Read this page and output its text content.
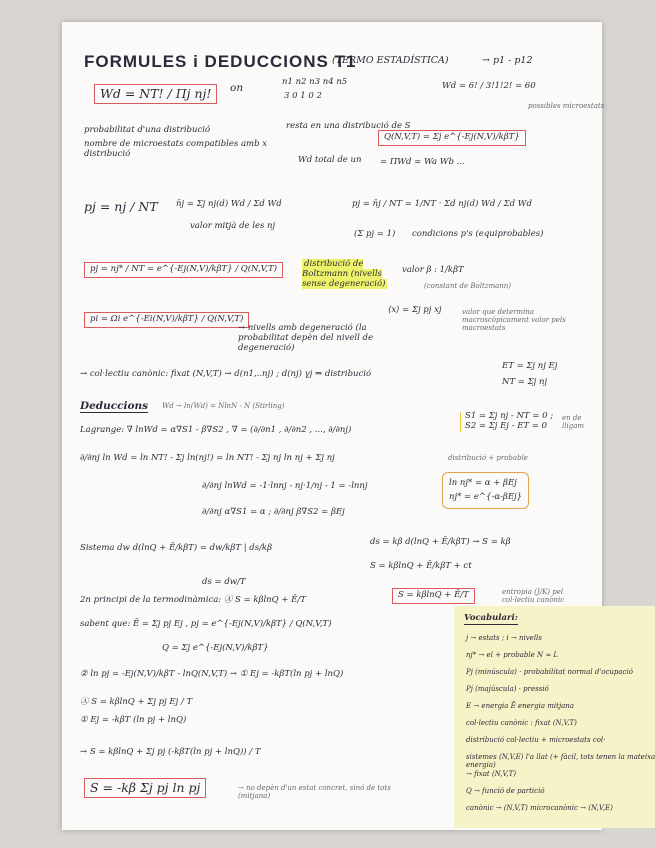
FORMULES i DEDUCCIONS T1
(TERMO ESTADÍSTICA)	→ p1 - p12
Wd = NT! / Πj nj!	on	n1 n2 n3 n4 n5
3 0 1 0 2
Wd = 6! / 3!1!2! = 60
possibles microestats
probabilitat d'una distribució
nombre de microestats compatibles amb x distribució
resta en una distribució de S
Wd total de un
Q(N,V,T) = Σj e^{-Ej(N,V)/kβT}
= ΠWd = Wa Wb ...
pj = nj / NT n̄j = Σj nj(d) Wd / Σd Wd
valor mitjà de les nj
pj = n̄j / NT = 1/NT · Σd nj(d) Wd / Σd Wd
(Σ pj = 1) condicions p's (equiprobables)
pj = nj* / NT = e^{-Ej(N,V)/kβT} / Q(N,V,T)	distribució de Boltzmann (nivells sense degeneració)
valor β : 1/kβT
(constant de Boltzmann)
pi = Ωi e^{-Ei(N,V)/kβT} / Q(N,V,T)
→ nivells amb degeneració (la probabilitat depèn del nivell de degeneració)
⟨x⟩ = Σj pj xj	valor que determina macroscòpicament valor pels macroestats
→ col·lectiu canònic: fixat (N,V,T) → d(n1,..nj) ; d(nj) γj ⇒ distribució
ET = Σj nj Ej
NT = Σj nj
Deduccions Wd → ln(Wd) = NlnN - N (Stirling)
Lagrange: ∇ lnWd = α∇S1 - β∇S2 , ∇ = (∂/∂n1 , ∂/∂n2 , ..., ∂/∂nj)
S1 = Σj nj - NT = 0 ; S2 = Σj Ej - ET = 0
en de lligam
∂/∂nj ln Wd = ln NT! - Σj ln(nj!) = ln NT! - Σj nj ln nj + Σj nj
∂/∂nj lnWd = -1·lnnj - nj·1/nj - 1 = -lnnj
∂/∂nj α∇S1 = α ; ∂/∂nj β∇S2 = βEj
distribució + probable
ln nj* = α + βEj
nj* = e^{-α-βEj}
Sistema dw d(lnQ + Ē/kβT) = dw/kβT | ds/kβ
ds = kβ d(lnQ + Ē/kβT) → S = kβ
S = kβlnQ + Ē/kβT + ct
ds = dw/T
2n principi de la termodinàmica: Ⓐ S = kβlnQ + Ē/T	S = kβlnQ + Ē/T	entropia (J/K) pel col·lectiu canònic
sabent que: Ē = Σj pj Ej , pj = e^{-Ej(N,V)/kβT} / Q(N,V,T)
Q = Σj e^{-Ej(N,V)/kβT}
② ln pj = -Ej(N,V)/kβT - lnQ(N,V,T) → ① Ej = -kβT(ln pj + lnQ)
Ⓐ S = kβlnQ + Σj pj Ej / T
① Ej = -kβT (ln pj + lnQ)
→ S = kβlnQ + Σj pj (-kβT(ln pj + lnQ)) / T
S = -kβ Σj pj ln pj	→ no depèn d'un estat concret, sinó de tots (mitjana)
Vocabulari:
j → estats ; i → nivells
nj* → el + probable N ≈ L
Pj (minúscula) · probabilitat normal d'ocupació
Pj (majúscula) · pressió
E → energia Ē energia mitjana
col·lectiu canònic : fixat (N,V,T)
distribució col·lectiu + microestats col·
sistemes (N,V,E) l'a llat (+ fàcil, tots tenen la mateixa energia)
→ fixat (N,V,T)
Q → funció de partició
canònic → (N,V,T) microcanònic → (N,V,E)
